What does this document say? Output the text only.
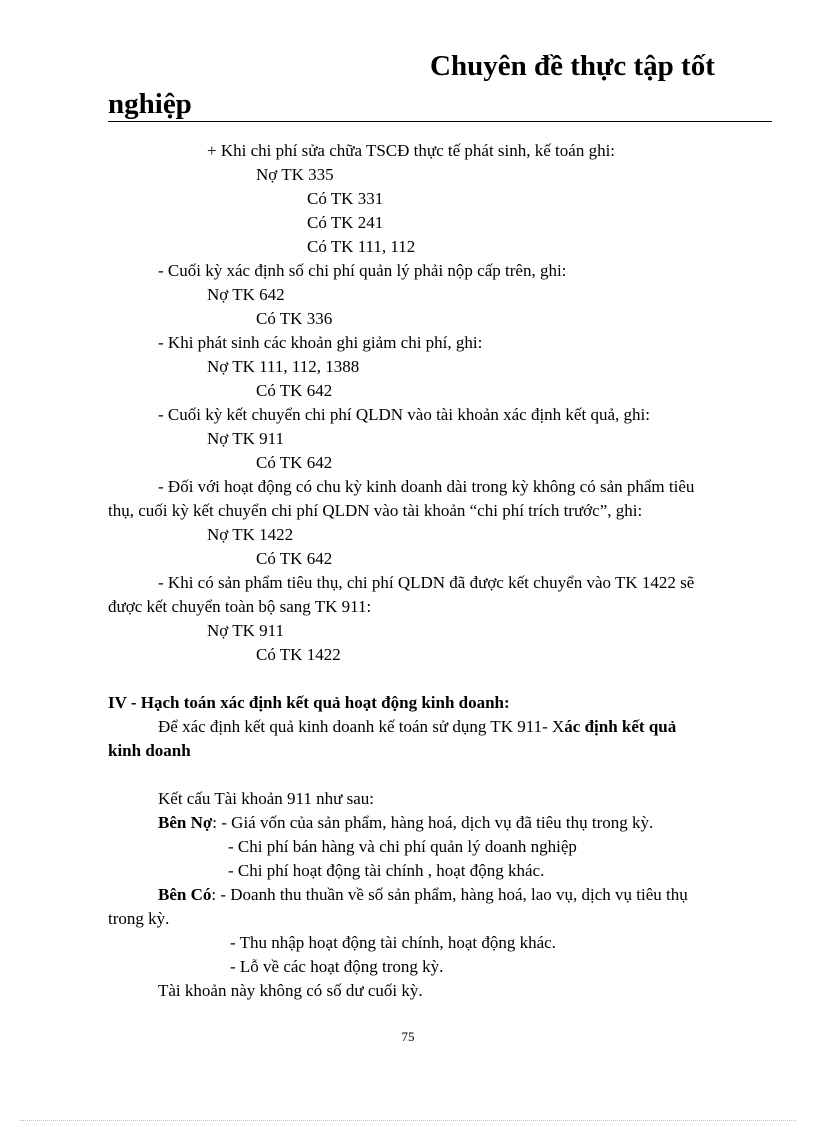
Chuyên đề thực tập tốt
nghiệp
+ Khi chi phí sửa chữa TSCĐ thực tế phát sinh, kế toán ghi:
Nợ TK 335
Có TK 331
Có TK 241
Có TK 111, 112
- Cuối kỳ xác định số chi phí quản lý phải nộp cấp trên, ghi:
Nợ TK 642
Có TK 336
- Khi phát sinh các khoản ghi giảm chi phí, ghi:
Nợ TK 111, 112, 1388
Có TK 642
- Cuối kỳ kết chuyển chi phí QLDN vào tài khoản xác định kết quả, ghi:
Nợ TK 911
Có TK 642
- Đối với hoạt động có chu kỳ kinh doanh dài trong kỳ không có sản phẩm tiêu
thụ, cuối kỳ kết chuyển chi phí QLDN vào tài khoản “chi phí trích trước”, ghi:
Nợ TK 1422
Có TK 642
- Khi có sản phẩm tiêu thụ, chi phí QLDN đã được kết chuyển vào TK 1422 sẽ
được kết chuyển toàn bộ sang TK 911:
Nợ TK 911
Có TK 1422
IV - Hạch toán xác định kết quả hoạt động kinh doanh:
Để xác định kết quả kinh doanh kế toán sử dụng TK 911- Xác định kết quả
kinh doanh
Kết cấu Tài khoản 911 như sau:
Bên Nợ: - Giá vốn của sản phẩm, hàng hoá, dịch vụ đã tiêu thụ trong kỳ.
- Chi phí bán hàng và chi phí quản lý doanh nghiệp
- Chi phí hoạt động tài chính , hoạt động khác.
Bên Có: - Doanh thu thuần về số sản phẩm, hàng hoá, lao vụ, dịch vụ tiêu thụ
trong kỳ.
- Thu nhập hoạt động tài chính, hoạt động khác.
- Lỗ về các hoạt động trong kỳ.
Tài khoản này không có số dư cuối kỳ.
75
